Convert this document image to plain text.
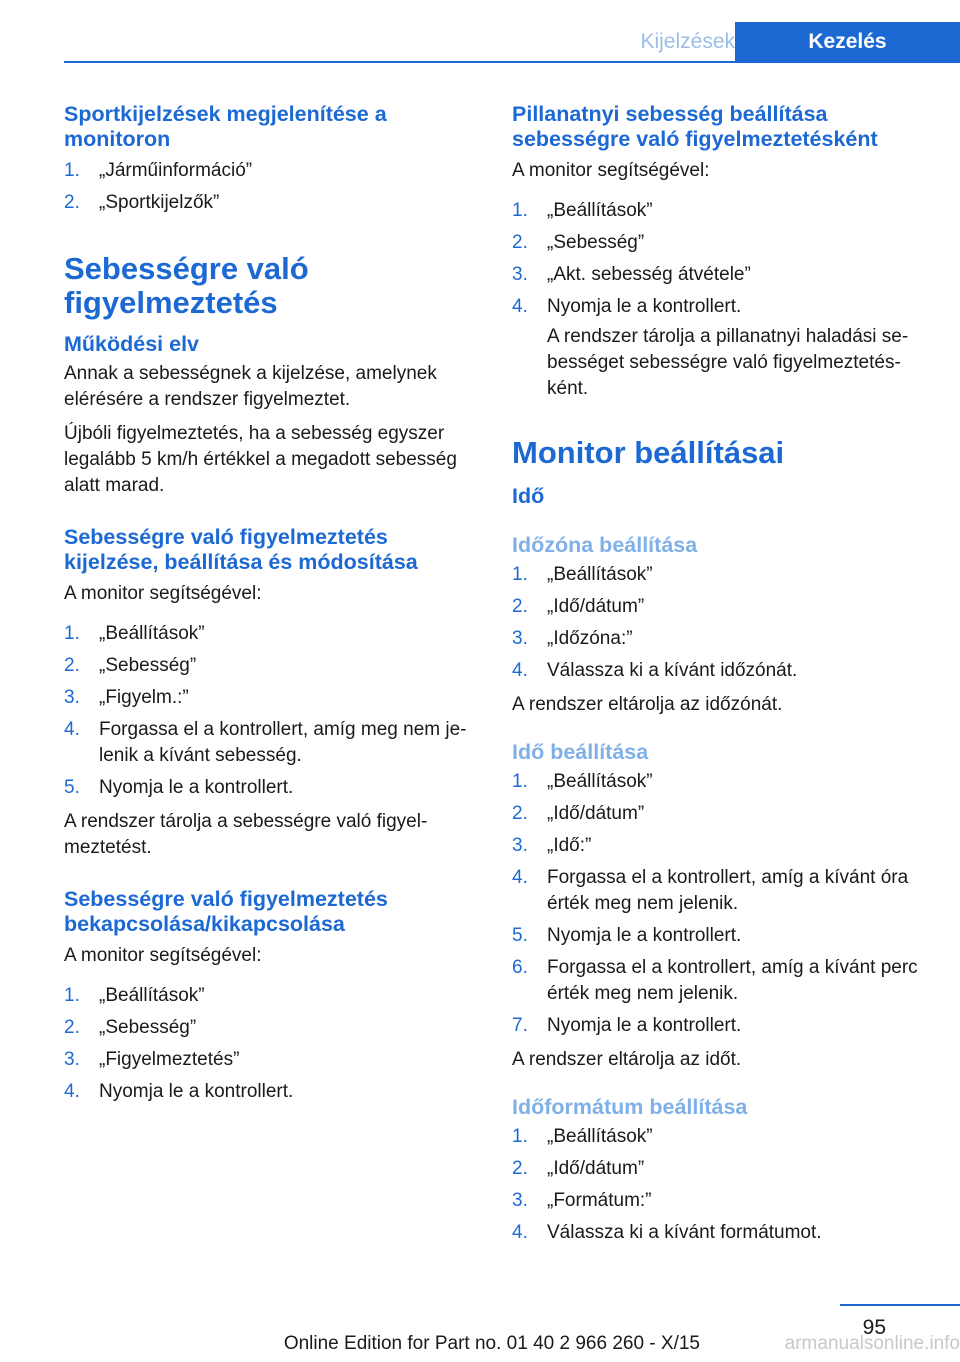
Kijelzések	Kezelés
Sportkijelzések megjelenítése a monitoron
1. „Járműinformáció”
2. „Sportkijelzők”
Sebességre való figyelmeztetés
Működési elv
Annak a sebességnek a kijelzése, amelynek elérésére a rendszer figyelmeztet.
Újbóli figyelmeztetés, ha a sebesség egyszer legalább 5 km/h értékkel a megadott sebesség alatt marad.
Sebességre való figyelmeztetés kijelzése, beállítása és módosítása
A monitor segítségével:
1. „Beállítások”
2. „Sebesség”
3. „Figyelm.:”
4. Forgassa el a kontrollert, amíg meg nem jelenik a kívánt sebesség.
5. Nyomja le a kontrollert.
A rendszer tárolja a sebességre való figyelmeztetést.
Sebességre való figyelmeztetés bekapcsolása/kikapcsolása
A monitor segítségével:
1. „Beállítások”
2. „Sebesség”
3. „Figyelmeztetés”
4. Nyomja le a kontrollert.
Pillanatnyi sebesség beállítása sebességre való figyelmeztetésként
A monitor segítségével:
1. „Beállítások”
2. „Sebesség”
3. „Akt. sebesség átvétele”
4. Nyomja le a kontrollert.
A rendszer tárolja a pillanatnyi haladási sebességet sebességre való figyelmeztetésként.
Monitor beállításai
Idő
Időzóna beállítása
1. „Beállítások”
2. „Idő/dátum”
3. „Időzóna:”
4. Válassza ki a kívánt időzónát.
A rendszer eltárolja az időzónát.
Idő beállítása
1. „Beállítások”
2. „Idő/dátum”
3. „Idő:”
4. Forgassa el a kontrollert, amíg a kívánt óra érték meg nem jelenik.
5. Nyomja le a kontrollert.
6. Forgassa el a kontrollert, amíg a kívánt perc érték meg nem jelenik.
7. Nyomja le a kontrollert.
A rendszer eltárolja az időt.
Időformátum beállítása
1. „Beállítások”
2. „Idő/dátum”
3. „Formátum:”
4. Válassza ki a kívánt formátumot.
95
Online Edition for Part no. 01 40 2 966 260 - X/15	armanualsonline.info
